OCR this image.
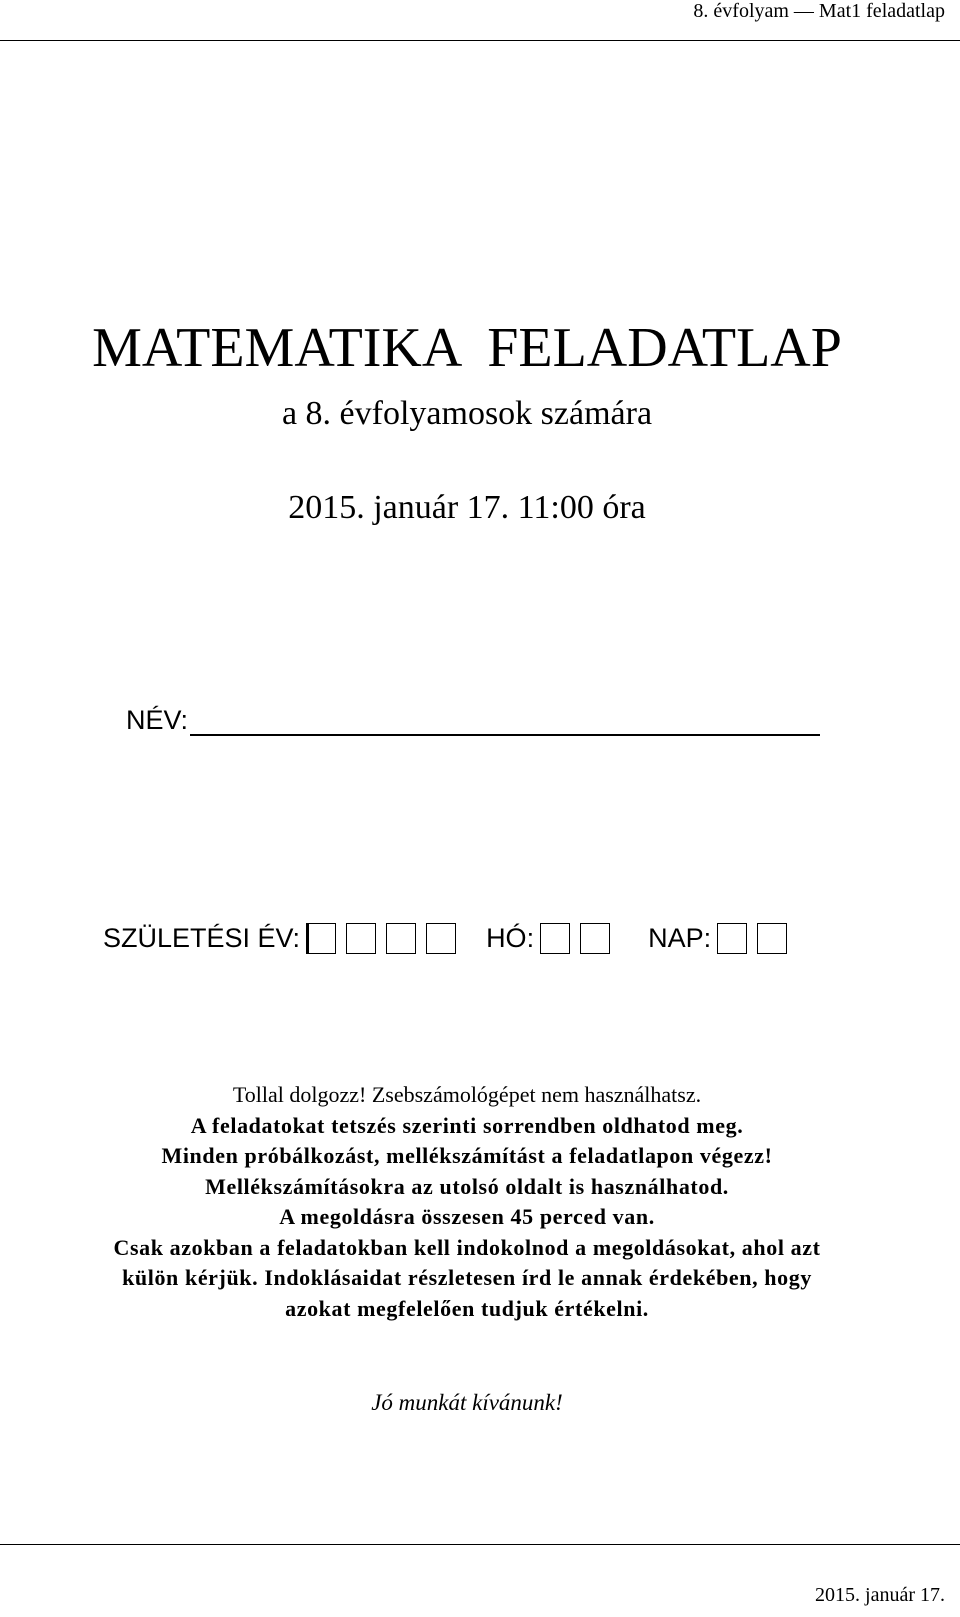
8. évfolyam — Mat1 feladatlap
MATEMATIKA  FELADATLAP
a 8. évfolyamosok számára
2015. január 17. 11:00 óra
NÉV:
SZÜLETÉSI ÉV:	HÓ:	NAP:
Tollal dolgozz! Zsebszámológépet nem használhatsz.
A feladatokat tetszés szerinti sorrendben oldhatod meg.
Minden próbálkozást, mellékszámítást a feladatlapon végezz!
Mellékszámításokra az utolsó oldalt is használhatod.
A megoldásra összesen 45 perced van.
Csak azokban a feladatokban kell indokolnod a megoldásokat, ahol azt
külön kérjük. Indoklásaidat részletesen írd le annak érdekében, hogy
azokat megfelelően tudjuk értékelni.
Jó munkát kívánunk!
2015. január 17.
